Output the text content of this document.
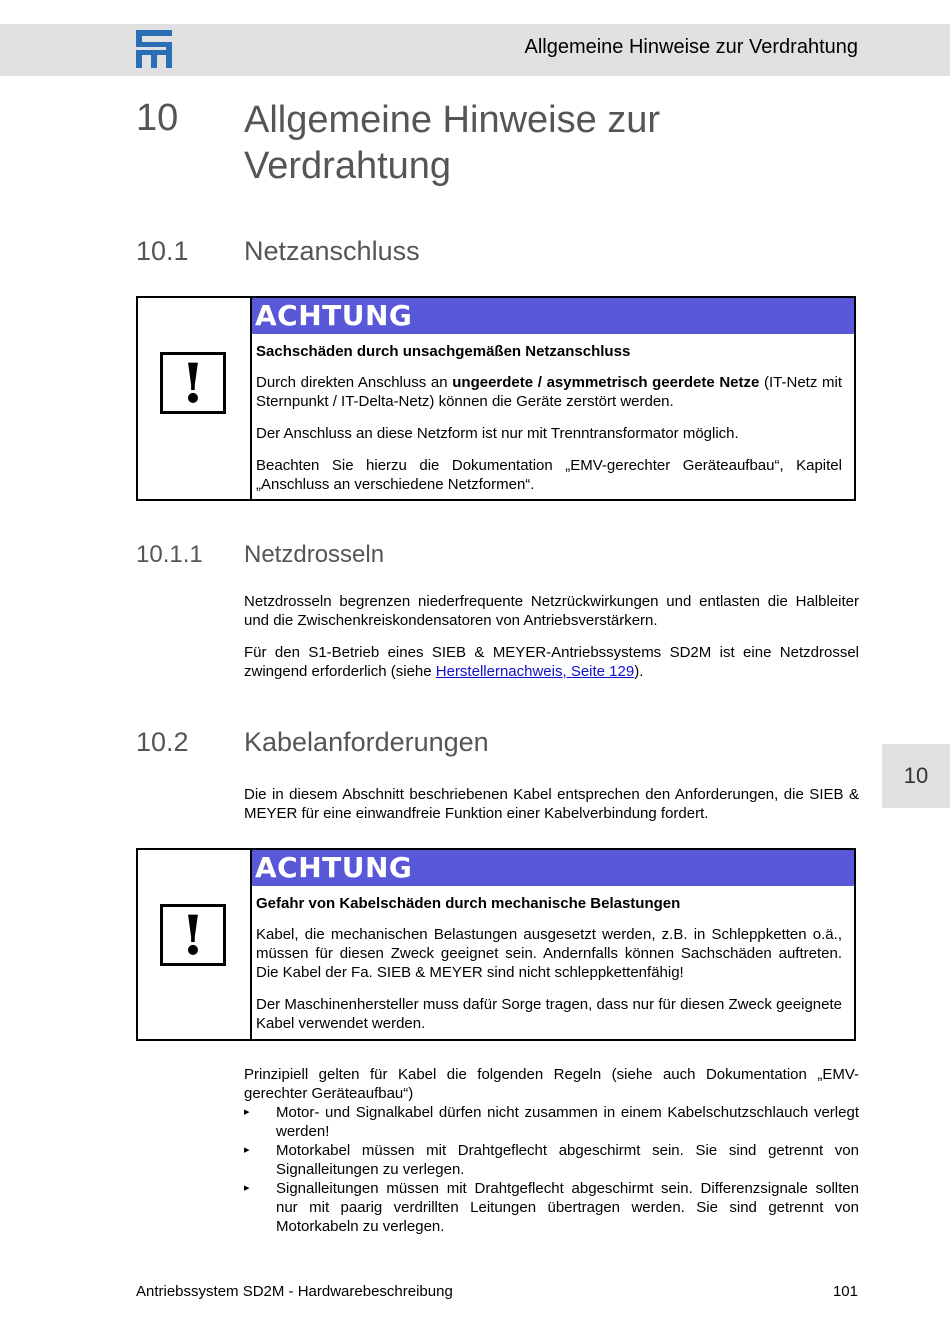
Allgemeine Hinweise zur Verdrahtung
10 Allgemeine Hinweise zur Verdrahtung
10.1 Netzanschluss
!
ACHTUNG

Sachschäden durch unsachgemäßen Netzanschluss

Durch direkten Anschluss an ungeerdete / asymmetrisch geerdete Netze (IT-Netz mit Sternpunkt / IT-Delta-Netz) können die Geräte zerstört werden.

Der Anschluss an diese Netzform ist nur mit Trenntransformator möglich.

Beachten Sie hierzu die Dokumentation „EMV-gerechter Geräteaufbau“, Kapitel „Anschluss an verschiedene Netzformen“.

10.1.1 Netzdrosseln

Netzdrosseln begrenzen niederfrequente Netzrückwirkungen und entlasten die Halbleiter und die Zwischenkreiskondensatoren von Antriebsverstärkern.

Für den S1-Betrieb eines SIEB & MEYER-Antriebssystems SD2M ist eine Netzdrossel zwingend erforderlich (siehe Herstellernachweis, Seite 129).

10.2 Kabelanforderungen

Die in diesem Abschnitt beschriebenen Kabel entsprechen den Anforderungen, die SIEB & MEYER für eine einwandfreie Funktion einer Kabelverbindung fordert.

!
ACHTUNG

Gefahr von Kabelschäden durch mechanische Belastungen

Kabel, die mechanischen Belastungen ausgesetzt werden, z.B. in Schleppketten o.ä., müssen für diesen Zweck geeignet sein. Andernfalls können Sachschäden auftreten. Die Kabel der Fa. SIEB & MEYER sind nicht schleppkettenfähig!

Der Maschinenhersteller muss dafür Sorge tragen, dass nur für diesen Zweck geeignete Kabel verwendet werden.

Prinzipiell gelten für Kabel die folgenden Regeln (siehe auch Dokumentation „EMV-gerechter Geräteaufbau“)

▸ Motor- und Signalkabel dürfen nicht zusammen in einem Kabelschutzschlauch verlegt werden!
▸ Motorkabel müssen mit Drahtgeflecht abgeschirmt sein. Sie sind getrennt von Signalleitungen zu verlegen.
▸ Signalleitungen müssen mit Drahtgeflecht abgeschirmt sein. Differenzsignale sollten nur mit paarig verdrillten Leitungen übertragen werden. Sie sind getrennt von Motorkabeln zu verlegen.
10
Antriebssystem SD2M - Hardwarebeschreibung	101
